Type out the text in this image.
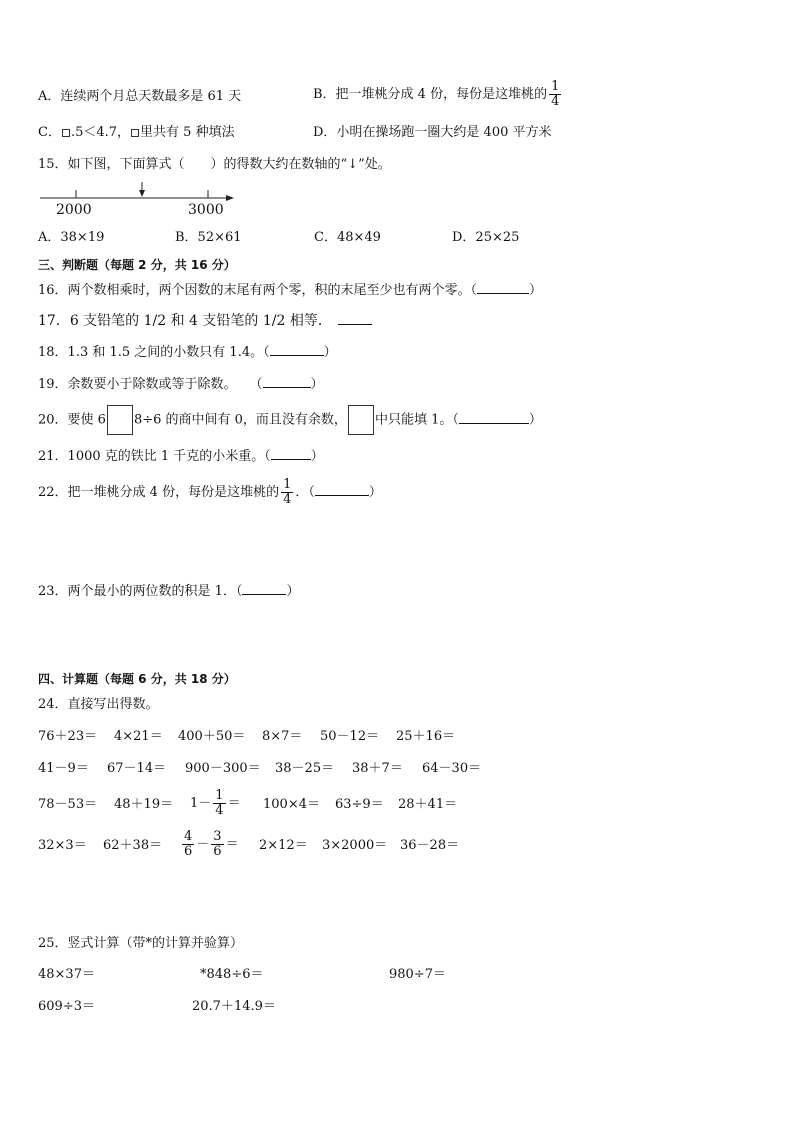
A．连续两个月总天数最多是 61 天	B．把一堆桃分成 4 份，每份是这堆桃的 $\frac{1}{4}$
C． .5＜4.7， 里共有 5 种填法	D．小明在操场跑一圈大约是 400 平方米
15．如下图，下面算式（　　）的得数大约在数轴的“↓”处。
2000	3000
A．38×19	B．52×61	C．48×49	D．25×25
三、判断题（每题 2 分，共 16 分）
16．两个数相乘时，两个因数的末尾有两个零，积的末尾至少也有两个零。（	）
17．6 支铅笔的 1/2 和 4 支铅笔的 1/2 相等．
18．1.3 和 1.5 之间的小数只有 1.4。（	）
19．余数要小于除数或等于除数。　　（	）
20．要使 6 8÷6 的商中间有 0，而且没有余数， 中只能填 1。（	）
21．1000 克的铁比 1 千克的小米重。（	）
22．把一堆桃分成 4 份，每份是这堆桃的 $\frac{1}{4}$ ．（	）
23．两个最小的两位数的积是 1．（	）
四、计算题（每题 6 分，共 18 分）
24．直接写出得数。
76＋23＝ 4×21＝ 400＋50＝ 8×7＝ 50－12＝ 25＋16＝
41－9＝ 67－14＝ 900－300＝ 38－25＝ 38＋7＝ 64－30＝
$78-53= 48+19= 1- \frac{1}{4} = 100\times 4= 63\div 9= 28+41=$
$32\times 3= 62+38= \frac{4}{6} - \frac{3}{6} = 2\times 12= 3\times 2000= 36-28=$
25．竖式计算（带*的计算并验算）
48×37＝	*848÷6＝	980÷7＝
609÷3＝	20.7＋14.9＝
